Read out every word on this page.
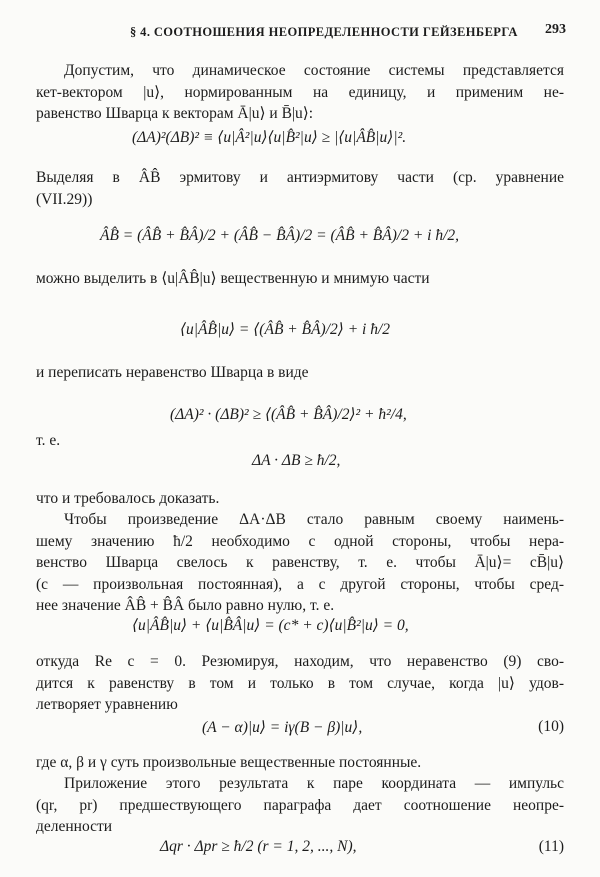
§ 4. СООТНОШЕНИЯ НЕОПРЕДЕЛЕННОСТИ ГЕЙЗЕНБЕРГА 293
Допустим, что динамическое состояние системы представляется
кет-вектором |u⟩, нормированным на единицу, и применим не-
равенство Шварца к векторам Ā|u⟩ и B̄|u⟩:
(ΔA)²(ΔB)² ≡ ⟨u|Â²|u⟩⟨u|B̂²|u⟩ ≥ |⟨u|ÂB̂|u⟩|².
Выделяя в ÂB̂ эрмитову и антиэрмитову части (ср. уравнение
(VII.29))
ÂB̂ = (ÂB̂ + B̂Â)/2 + (ÂB̂ − B̂Â)/2 = (ÂB̂ + B̂Â)/2 + i ħ/2,
можно выделить в ⟨u|ÂB̂|u⟩ вещественную и мнимую части
⟨u|ÂB̂|u⟩ = ⟨(ÂB̂ + B̂Â)/2⟩ + i ħ/2
и переписать неравенство Шварца в виде
(ΔA)² · (ΔB)² ≥ ⟨(ÂB̂ + B̂Â)/2⟩² + ħ²/4,
т. е.
ΔA · ΔB ≥ ħ/2,
что и требовалось доказать.
Чтобы произведение ΔA·ΔB стало равным своему наимень-
шему значению ħ/2 необходимо с одной стороны, чтобы нера-
венство Шварца свелось к равенству, т. е. чтобы Ā|u⟩= cB̄|u⟩
(c — произвольная постоянная), а с другой стороны, чтобы сред-
нее значение ÂB̂ + B̂Â было равно нулю, т. е.
⟨u|ÂB̂|u⟩ + ⟨u|B̂Â|u⟩ = (c* + c)⟨u|B̂²|u⟩ = 0,
откуда Re c = 0. Резюмируя, находим, что неравенство (9) сво-
дится к равенству в том и только в том случае, когда |u⟩ удов-
летворяет уравнению
(A − α)|u⟩ = iγ(B − β)|u⟩,	(10)
где α, β и γ суть произвольные вещественные постоянные.
Приложение этого результата к паре координата — импульс
(qr, pr) предшествующего параграфа дает соотношение неопре-
деленности
Δqr · Δpr ≥ ħ/2 (r = 1, 2, ..., N),	(11)
